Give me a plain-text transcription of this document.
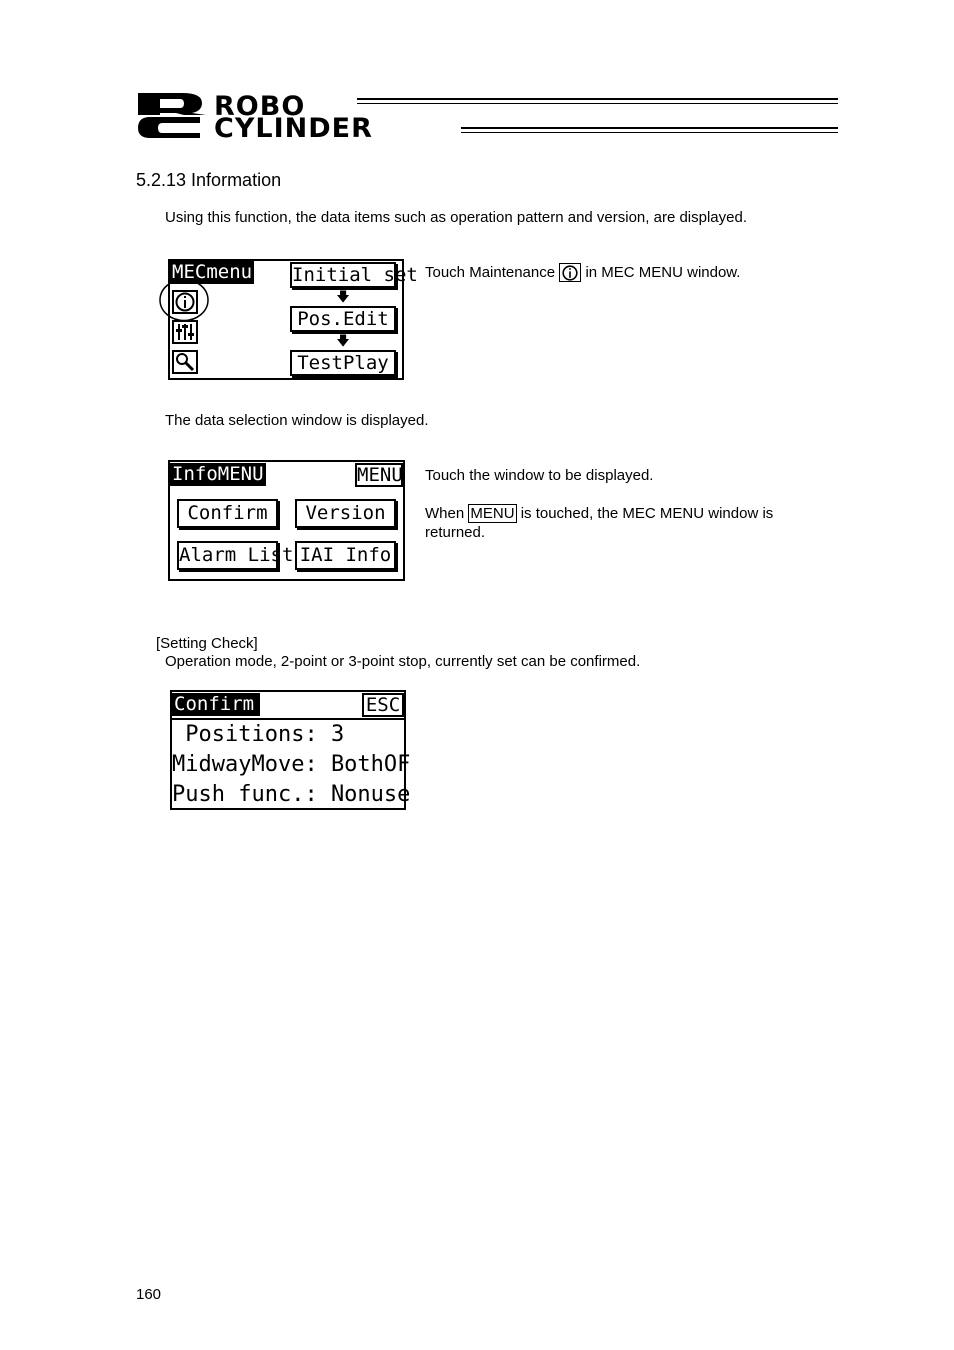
ROBO
CYLINDER
5.2.13 Information
Using this function, the data items such as operation pattern and version, are displayed.
MECmenu Initial set
🡇
Pos.Edit
🡇
TestPlay
Touch Maintenance in MEC MENU window.
The data selection window is displayed.
InfoMENU	MENU
Confirm	Version
Alarm List IAI Info
Touch the window to be displayed.
When MENU is touched, the MEC MENU window is
returned.
[Setting Check]
Operation mode, 2-point or 3-point stop, currently set can be confirmed.
Confirm	ESC
Positions: 3
MidwayMove: BothOF
Push func.: Nonuse
160
